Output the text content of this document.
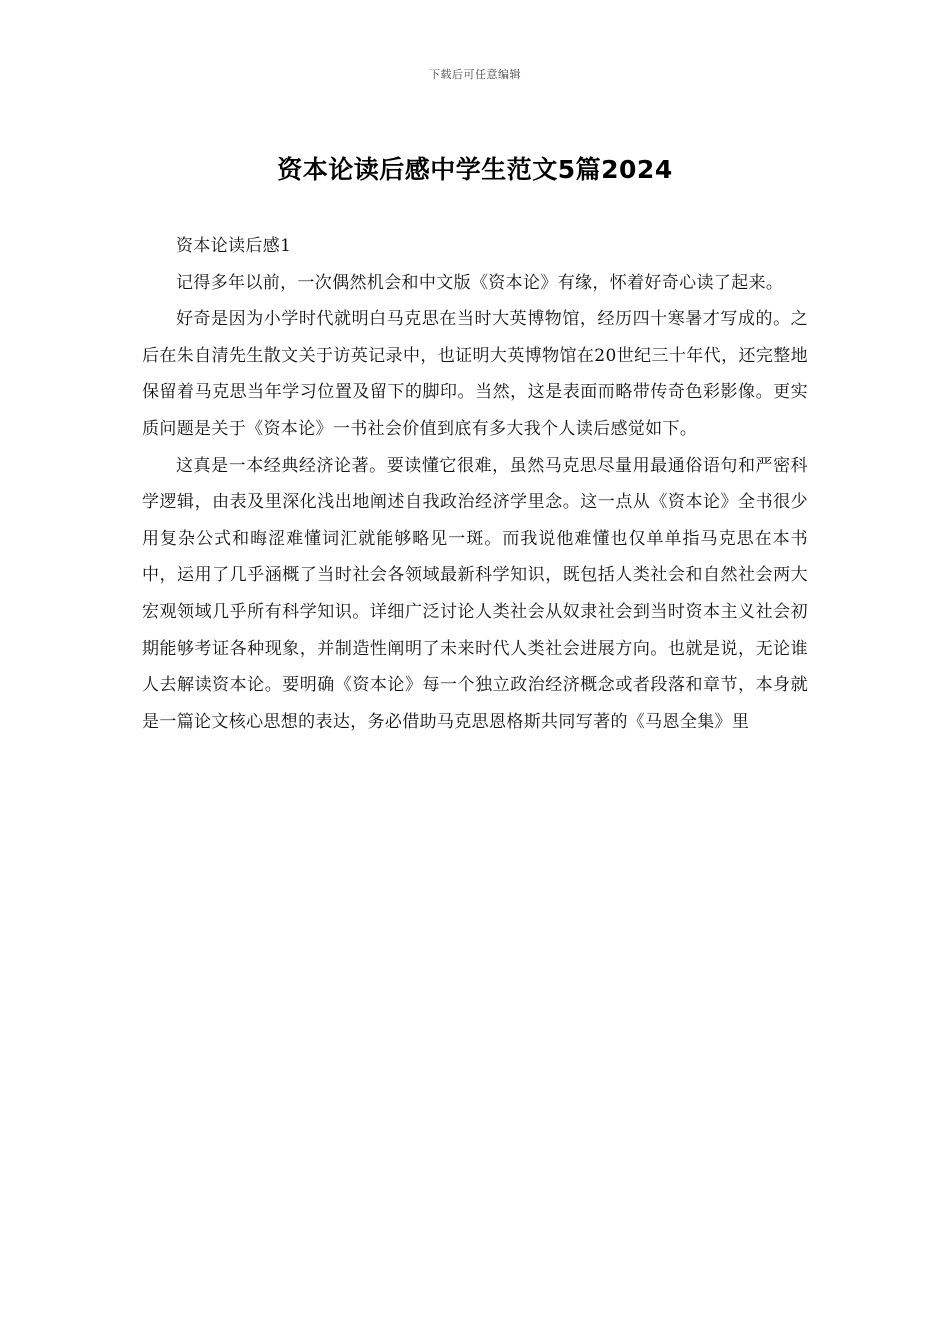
下载后可任意编辑
资本论读后感中学生范文5篇2024

资本论读后感1

记得多年以前，一次偶然机会和中文版《资本论》有缘，怀着好奇心读了起来。

好奇是因为小学时代就明白马克思在当时大英博物馆，经历四十寒暑才写成的。之后在朱自清先生散文关于访英记录中，也证明大英博物馆在20世纪三十年代，还完整地保留着马克思当年学习位置及留下的脚印。当然，这是表面而略带传奇色彩影像。更实质问题是关于《资本论》一书社会价值到底有多大我个人读后感觉如下。

这真是一本经典经济论著。要读懂它很难，虽然马克思尽量用最通俗语句和严密科学逻辑，由表及里深化浅出地阐述自我政治经济学里念。这一点从《资本论》全书很少用复杂公式和晦涩难懂词汇就能够略见一斑。而我说他难懂也仅单单指马克思在本书中，运用了几乎涵概了当时社会各领域最新科学知识，既包括人类社会和自然社会两大宏观领域几乎所有科学知识。详细广泛讨论人类社会从奴隶社会到当时资本主义社会初期能够考证各种现象，并制造性阐明了未来时代人类社会进展方向。也就是说，无论谁人去解读资本论。要明确《资本论》每一个独立政治经济概念或者段落和章节，本身就是一篇论文核心思想的表达，务必借助马克思恩格斯共同写著的《马恩全集》里
